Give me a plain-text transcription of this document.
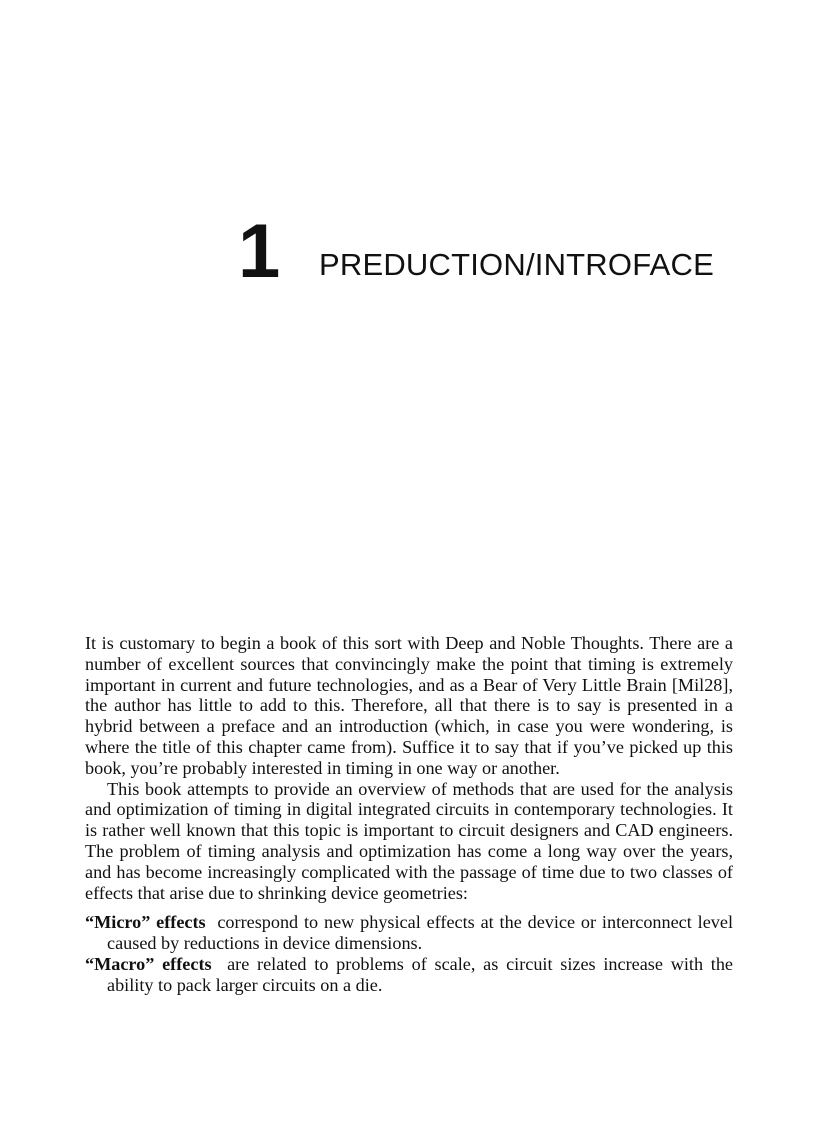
1 PREDUCTION/INTROFACE

It is customary to begin a book of this sort with Deep and Noble Thoughts. There are a number of excellent sources that convincingly make the point that timing is extremely important in current and future technologies, and as a Bear of Very Little Brain [Mil28], the author has little to add to this. Therefore, all that there is to say is presented in a hybrid between a preface and an introduction (which, in case you were wondering, is where the title of this chapter came from). Suffice it to say that if you’ve picked up this book, you’re probably interested in timing in one way or another.

This book attempts to provide an overview of methods that are used for the analysis and optimization of timing in digital integrated circuits in contemporary technologies. It is rather well known that this topic is important to circuit designers and CAD engineers. The problem of timing analysis and optimization has come a long way over the years, and has become increasingly complicated with the passage of time due to two classes of effects that arise due to shrinking device geometries:

“Micro” effects correspond to new physical effects at the device or interconnect level caused by reductions in device dimensions.

“Macro” effects are related to problems of scale, as circuit sizes increase with the ability to pack larger circuits on a die.
